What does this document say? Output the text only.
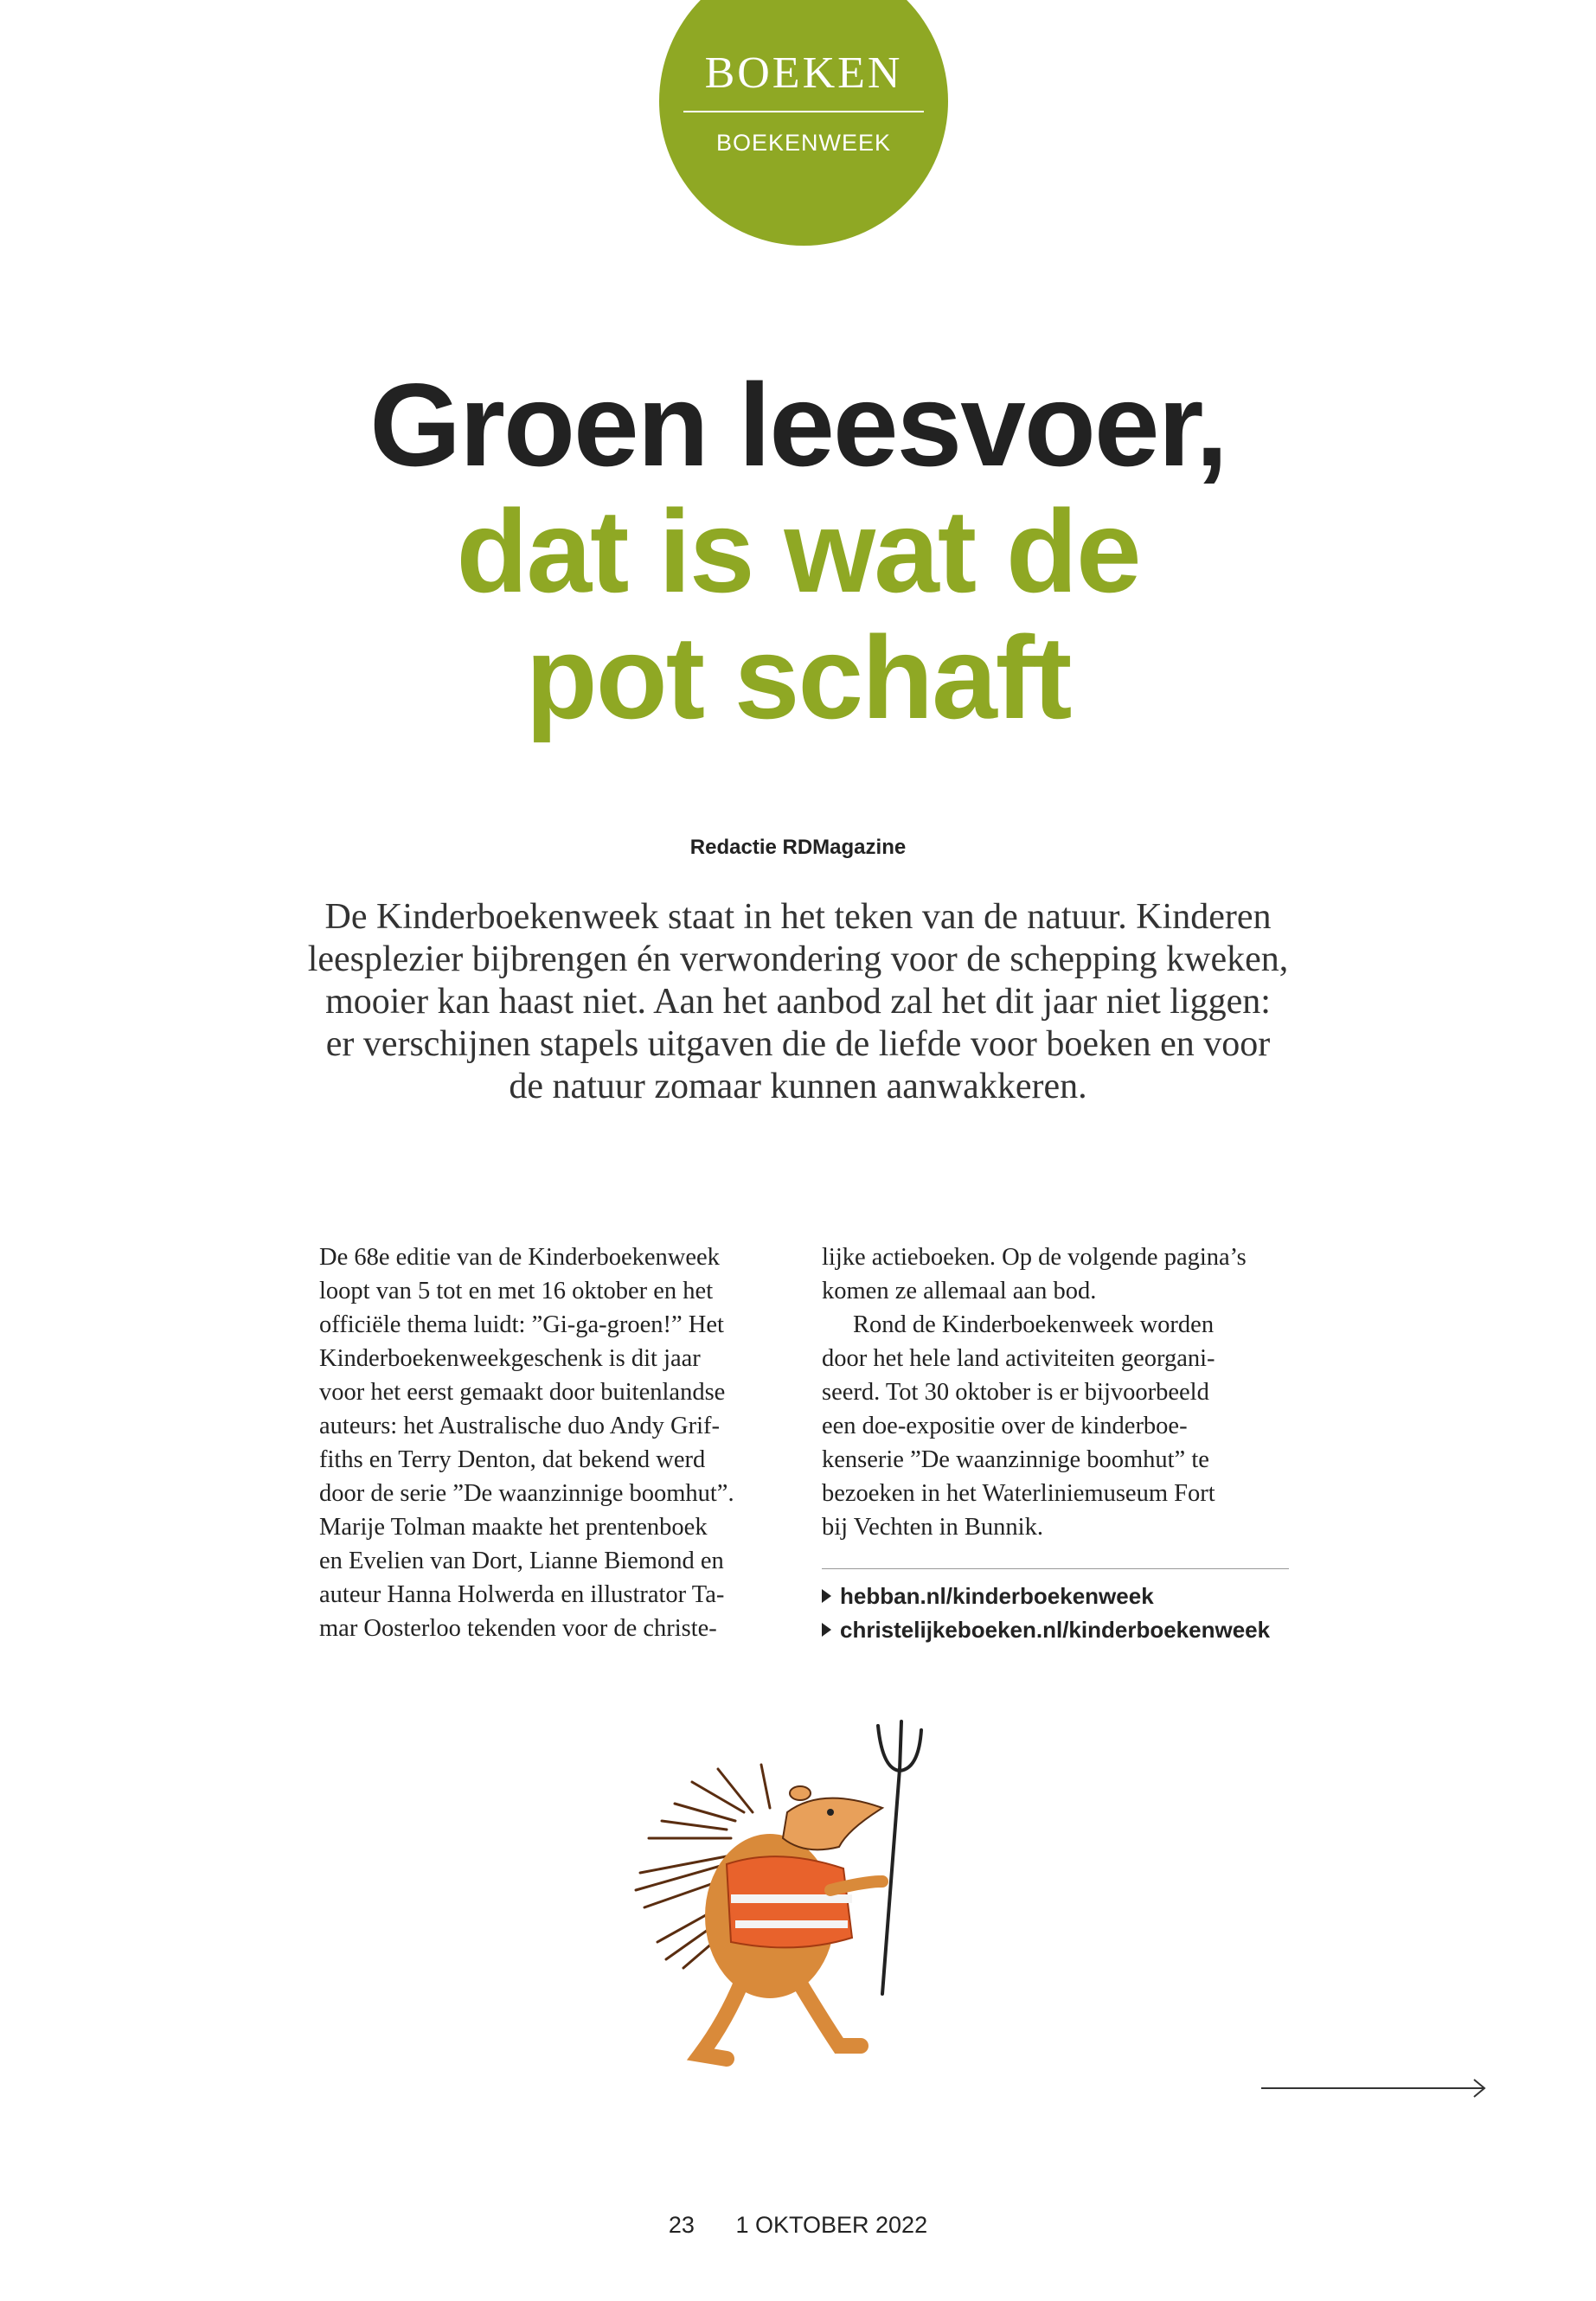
BOEKEN
BOEKENWEEK
Groen leesvoer,
dat is wat de
pot schaft
Redactie RDMagazine

De Kinderboekenweek staat in het teken van de natuur. Kinderen leesplezier bijbrengen én verwondering voor de schepping kweken, mooier kan haast niet. Aan het aanbod zal het dit jaar niet liggen: er verschijnen stapels uitgaven die de liefde voor boeken en voor de natuur zomaar kunnen aanwakkeren.

De 68e editie van de Kinderboekenweek
loopt van 5 tot en met 16 oktober en het
officiële thema luidt: ”Gi-ga-groen!” Het
Kinderboekenweekgeschenk is dit jaar
voor het eerst gemaakt door buitenlandse
auteurs: het Australische duo Andy Grif-
fiths en Terry Denton, dat bekend werd
door de serie ”De waanzinnige boomhut”.
Marije Tolman maakte het prentenboek
en Evelien van Dort, Lianne Biemond en
auteur Hanna Holwerda en illustrator Ta-
mar Oosterloo tekenden voor de christe-
lijke actieboeken. Op de volgende pagina’s
komen ze allemaal aan bod.
Rond de Kinderboekenweek worden
door het hele land activiteiten georgani-
seerd. Tot 30 oktober is er bijvoorbeeld
een doe-expositie over de kinderboe-
kenserie ”De waanzinnige boomhut” te
bezoeken in het Waterliniemuseum Fort
bij Vechten in Bunnik.
hebban.nl/kinderboekenweek
christelijkeboeken.nl/kinderboekenweek
23 1 OKTOBER 2022
